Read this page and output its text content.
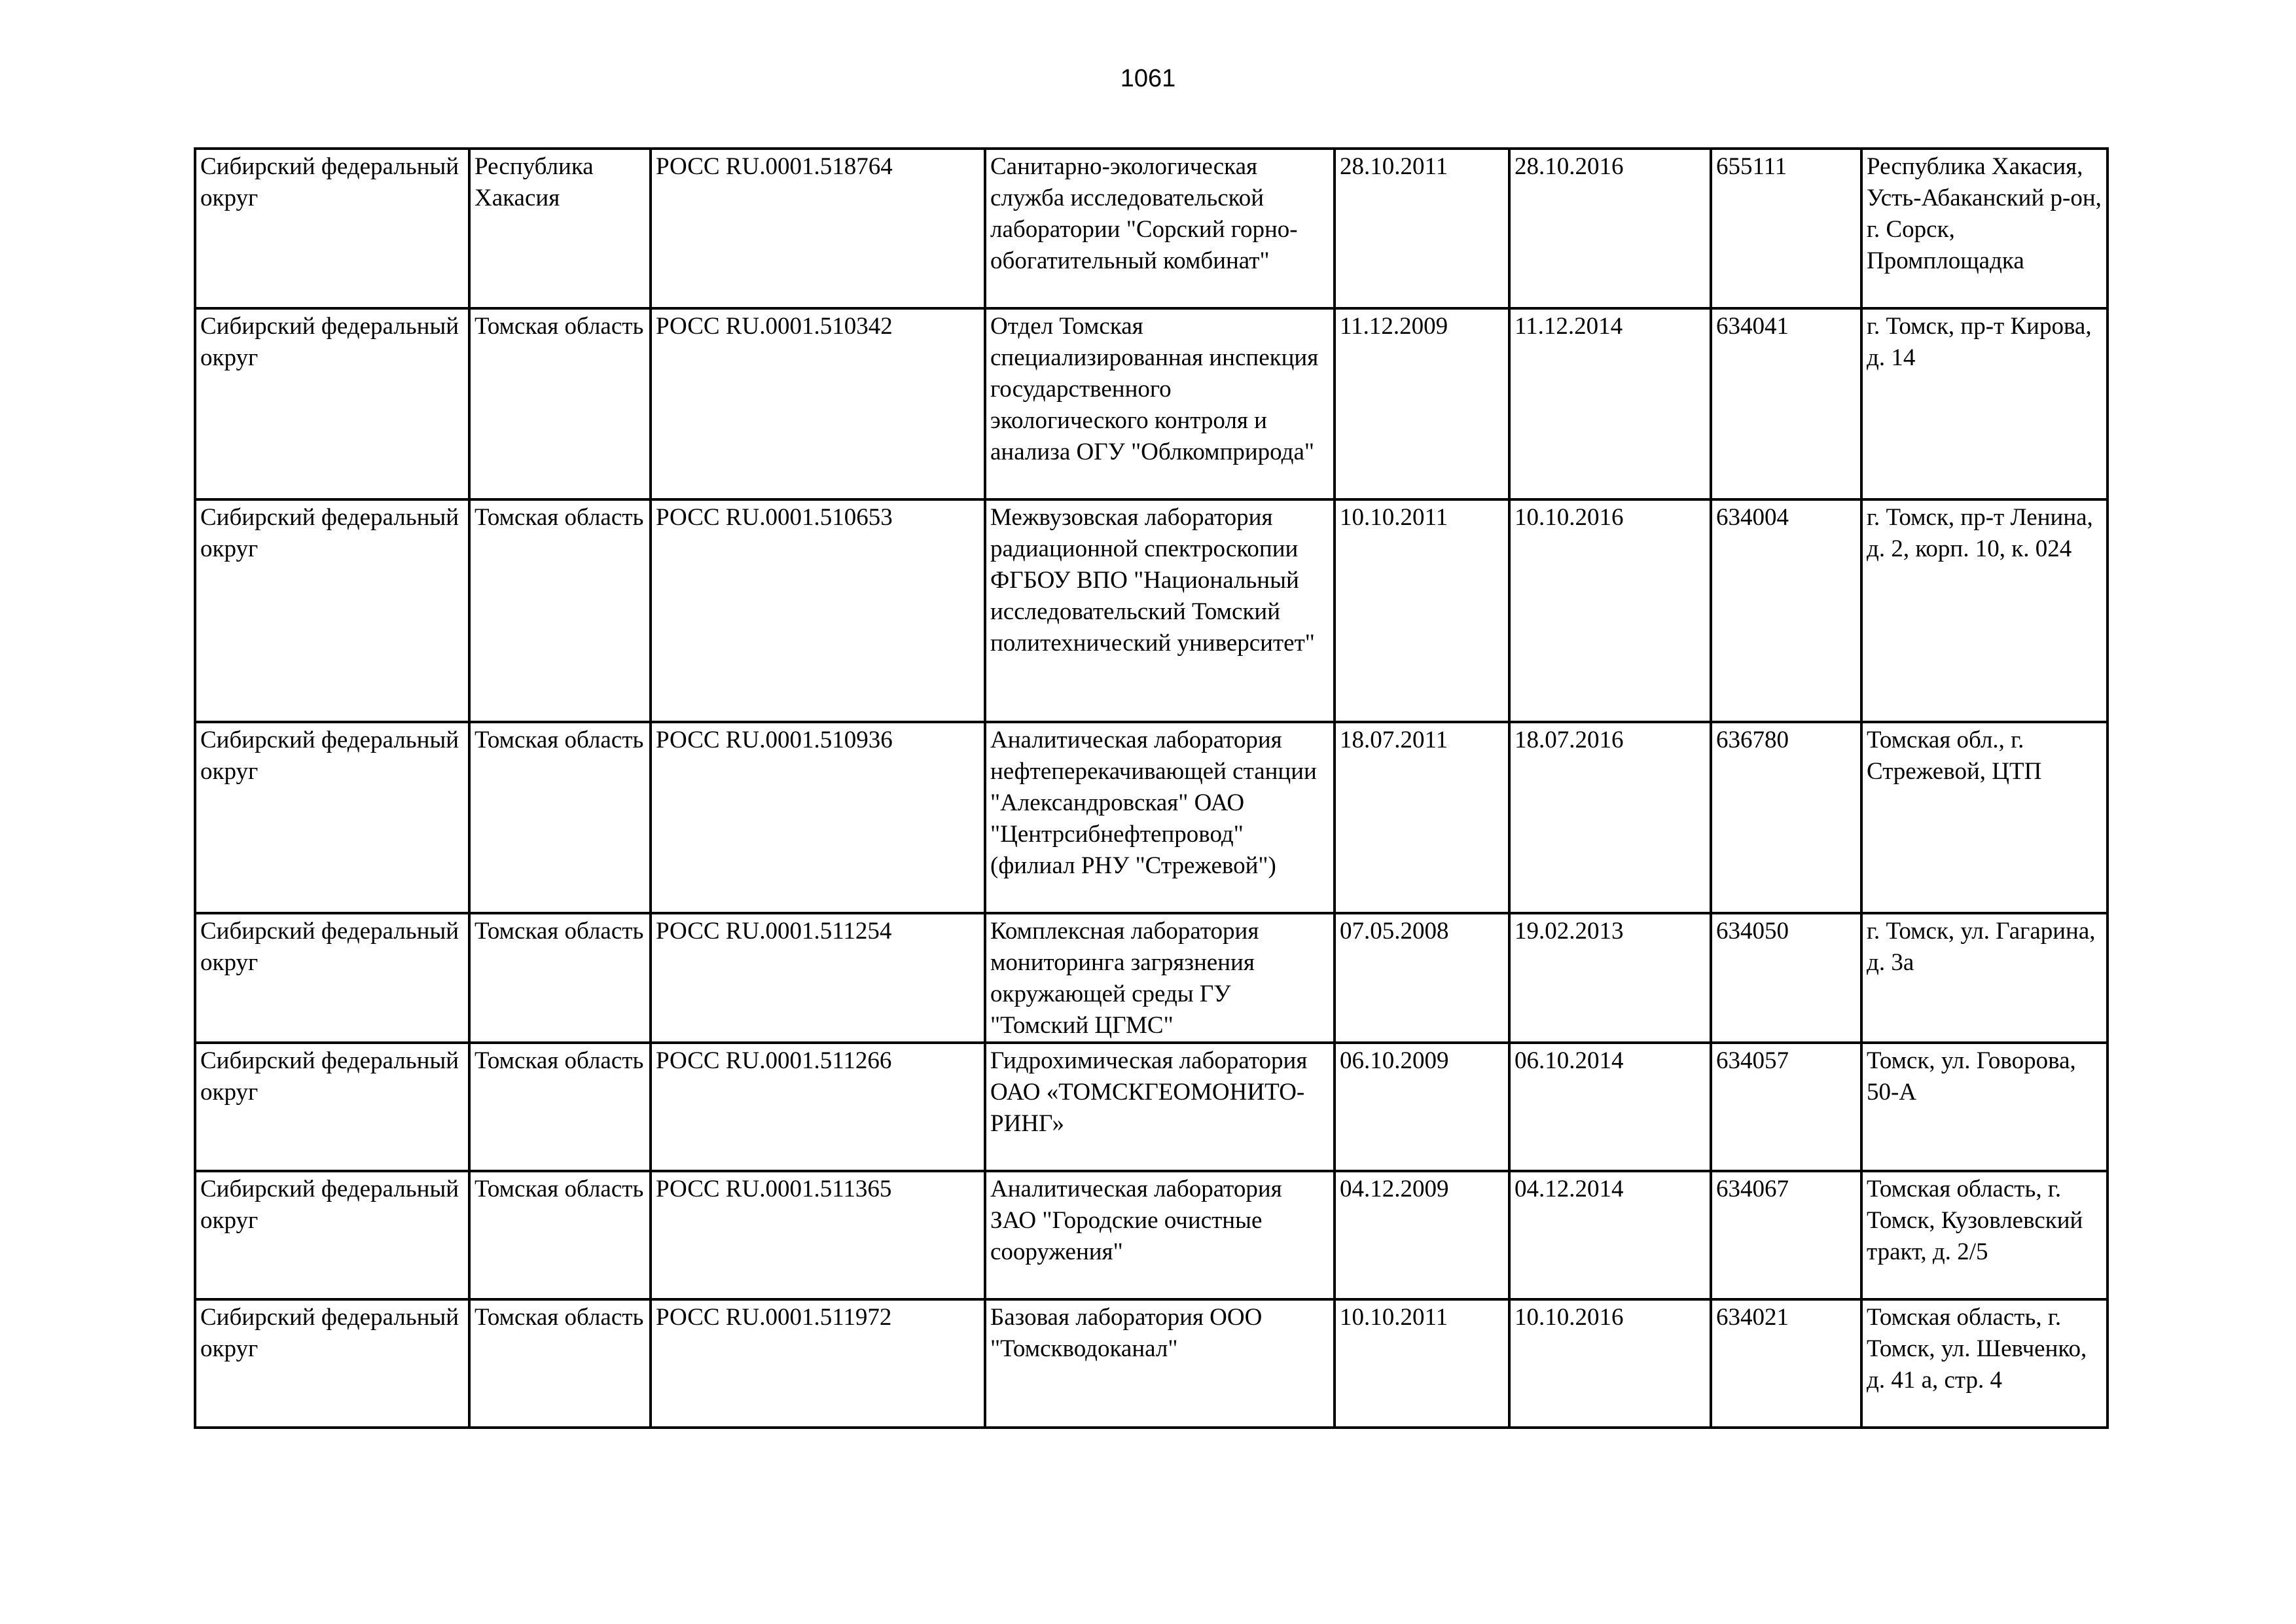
1061
Сибирский федеральный округ	Республика Хакасия	РОСС RU.0001.518764	Санитарно-экологическая служба исследовательской лаборатории "Сорский горно-обогатительный комбинат"	28.10.2011	28.10.2016	655111	Республика Хакасия, Усть-Абаканский р-он, г. Сорск, Промплощадка
Сибирский федеральный округ	Томская область	РОСС RU.0001.510342	Отдел Томская специализированная инспекция государственного экологического контроля и анализа ОГУ "Облкомприрода"	11.12.2009	11.12.2014	634041	г. Томск, пр-т Кирова, д. 14
Сибирский федеральный округ	Томская область	РОСС RU.0001.510653	Межвузовская лаборатория радиационной спектроскопии ФГБОУ ВПО "Национальный исследовательский Томский политехнический университет"	10.10.2011	10.10.2016	634004	г. Томск, пр-т Ленина, д. 2, корп. 10, к. 024
Сибирский федеральный округ	Томская область	РОСС RU.0001.510936	Аналитическая лаборатория нефтеперекачивающей станции "Александровская" ОАО "Центрсибнефтепровод" (филиал РНУ "Стрежевой")	18.07.2011	18.07.2016	636780	Томская обл., г. Стрежевой, ЦТП
Сибирский федеральный округ	Томская область	РОСС RU.0001.511254	Комплексная лаборатория мониторинга загрязнения окружающей среды ГУ "Томский ЦГМС"	07.05.2008	19.02.2013	634050	г. Томск, ул. Гагарина, д. 3а
Сибирский федеральный округ	Томская область	РОСС RU.0001.511266	Гидрохимическая лаборатория ОАО «ТОМСКГЕОМОНИТО-РИНГ»	06.10.2009	06.10.2014	634057	Томск, ул. Говорова, 50-А
Сибирский федеральный округ	Томская область	РОСС RU.0001.511365	Аналитическая лаборатория ЗАО "Городские очистные сооружения"	04.12.2009	04.12.2014	634067	Томская область, г. Томск, Кузовлевский тракт, д. 2/5
Сибирский федеральный округ	Томская область	РОСС RU.0001.511972	Базовая лаборатория ООО "Томскводоканал"	10.10.2011	10.10.2016	634021	Томская область, г. Томск, ул. Шевченко, д. 41 а, стр. 4
